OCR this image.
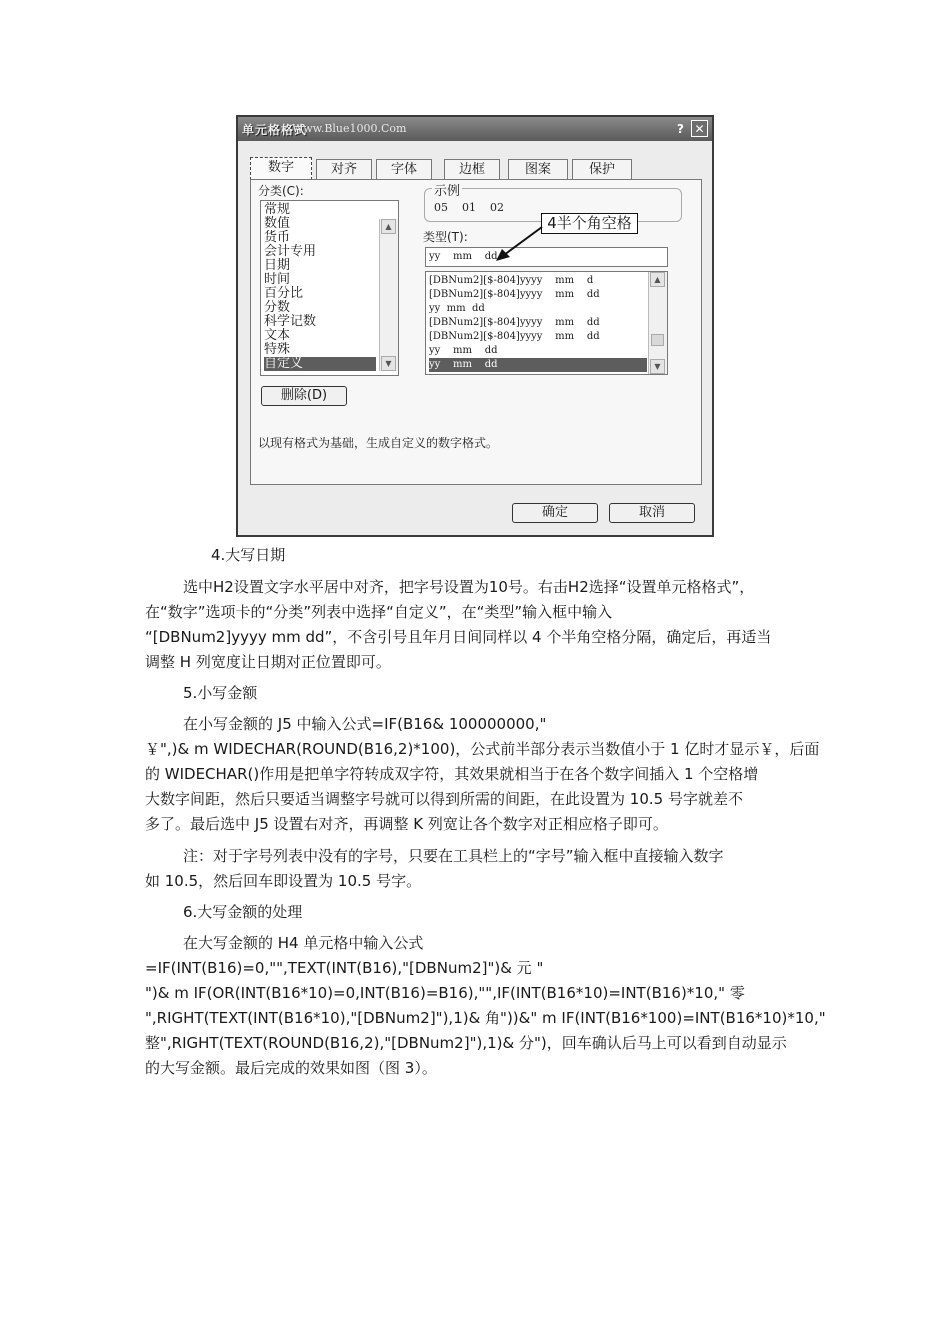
单元格格式
Www.Blue1000.Com	? ✕
数字	对齐	字体	边框	图案	保护
分类(C):
常规
数值
货币
会计专用
日期
时间
百分比
分数
科学记数
文本
特殊
自定义
▲
▼
示例
05    01    02
类型(T):
yy    mm    dd
[DBNum2][$-804]yyyy    mm    d
[DBNum2][$-804]yyyy    mm    dd
yy  mm  dd
[DBNum2][$-804]yyyy    mm    dd
[DBNum2][$-804]yyyy    mm    dd
yy    mm    dd
yy    mm    dd
▲
▼
删除(D)
以现有格式为基础，生成自定义的数字格式。
确定	取消
4半个角空格
4.大写日期
选中H2设置文字水平居中对齐，把字号设置为10号。右击H2选择“设置单元格格式”，
在“数字”选项卡的“分类”列表中选择“自定义”，在“类型”输入框中输入
“[DBNum2]yyyy mm dd”，不含引号且年月日间同样以 4 个半角空格分隔，确定后，再适当
调整 H 列宽度让日期对正位置即可。
5.小写金额
在小写金额的 J5 中输入公式=IF(B16& 100000000,"
￥",)& m WIDECHAR(ROUND(B16,2)*100)，公式前半部分表示当数值小于 1 亿时才显示￥，后面
的 WIDECHAR()作用是把单字符转成双字符，其效果就相当于在各个数字间插入 1 个空格增
大数字间距，然后只要适当调整字号就可以得到所需的间距，在此设置为 10.5 号字就差不
多了。最后选中 J5 设置右对齐，再调整 K 列宽让各个数字对正相应格子即可。
注：对于字号列表中没有的字号，只要在工具栏上的“字号”输入框中直接输入数字
如 10.5，然后回车即设置为 10.5 号字。
6.大写金额的处理
在大写金额的 H4 单元格中输入公式
=IF(INT(B16)=0,"",TEXT(INT(B16),"[DBNum2]")& 元 "
")& m IF(OR(INT(B16*10)=0,INT(B16)=B16),"",IF(INT(B16*10)=INT(B16)*10," 零
",RIGHT(TEXT(INT(B16*10),"[DBNum2]"),1)& 角"))&" m IF(INT(B16*100)=INT(B16*10)*10,"
整",RIGHT(TEXT(ROUND(B16,2),"[DBNum2]"),1)& 分")，回车确认后马上可以看到自动显示
的大写金额。最后完成的效果如图（图 3）。
